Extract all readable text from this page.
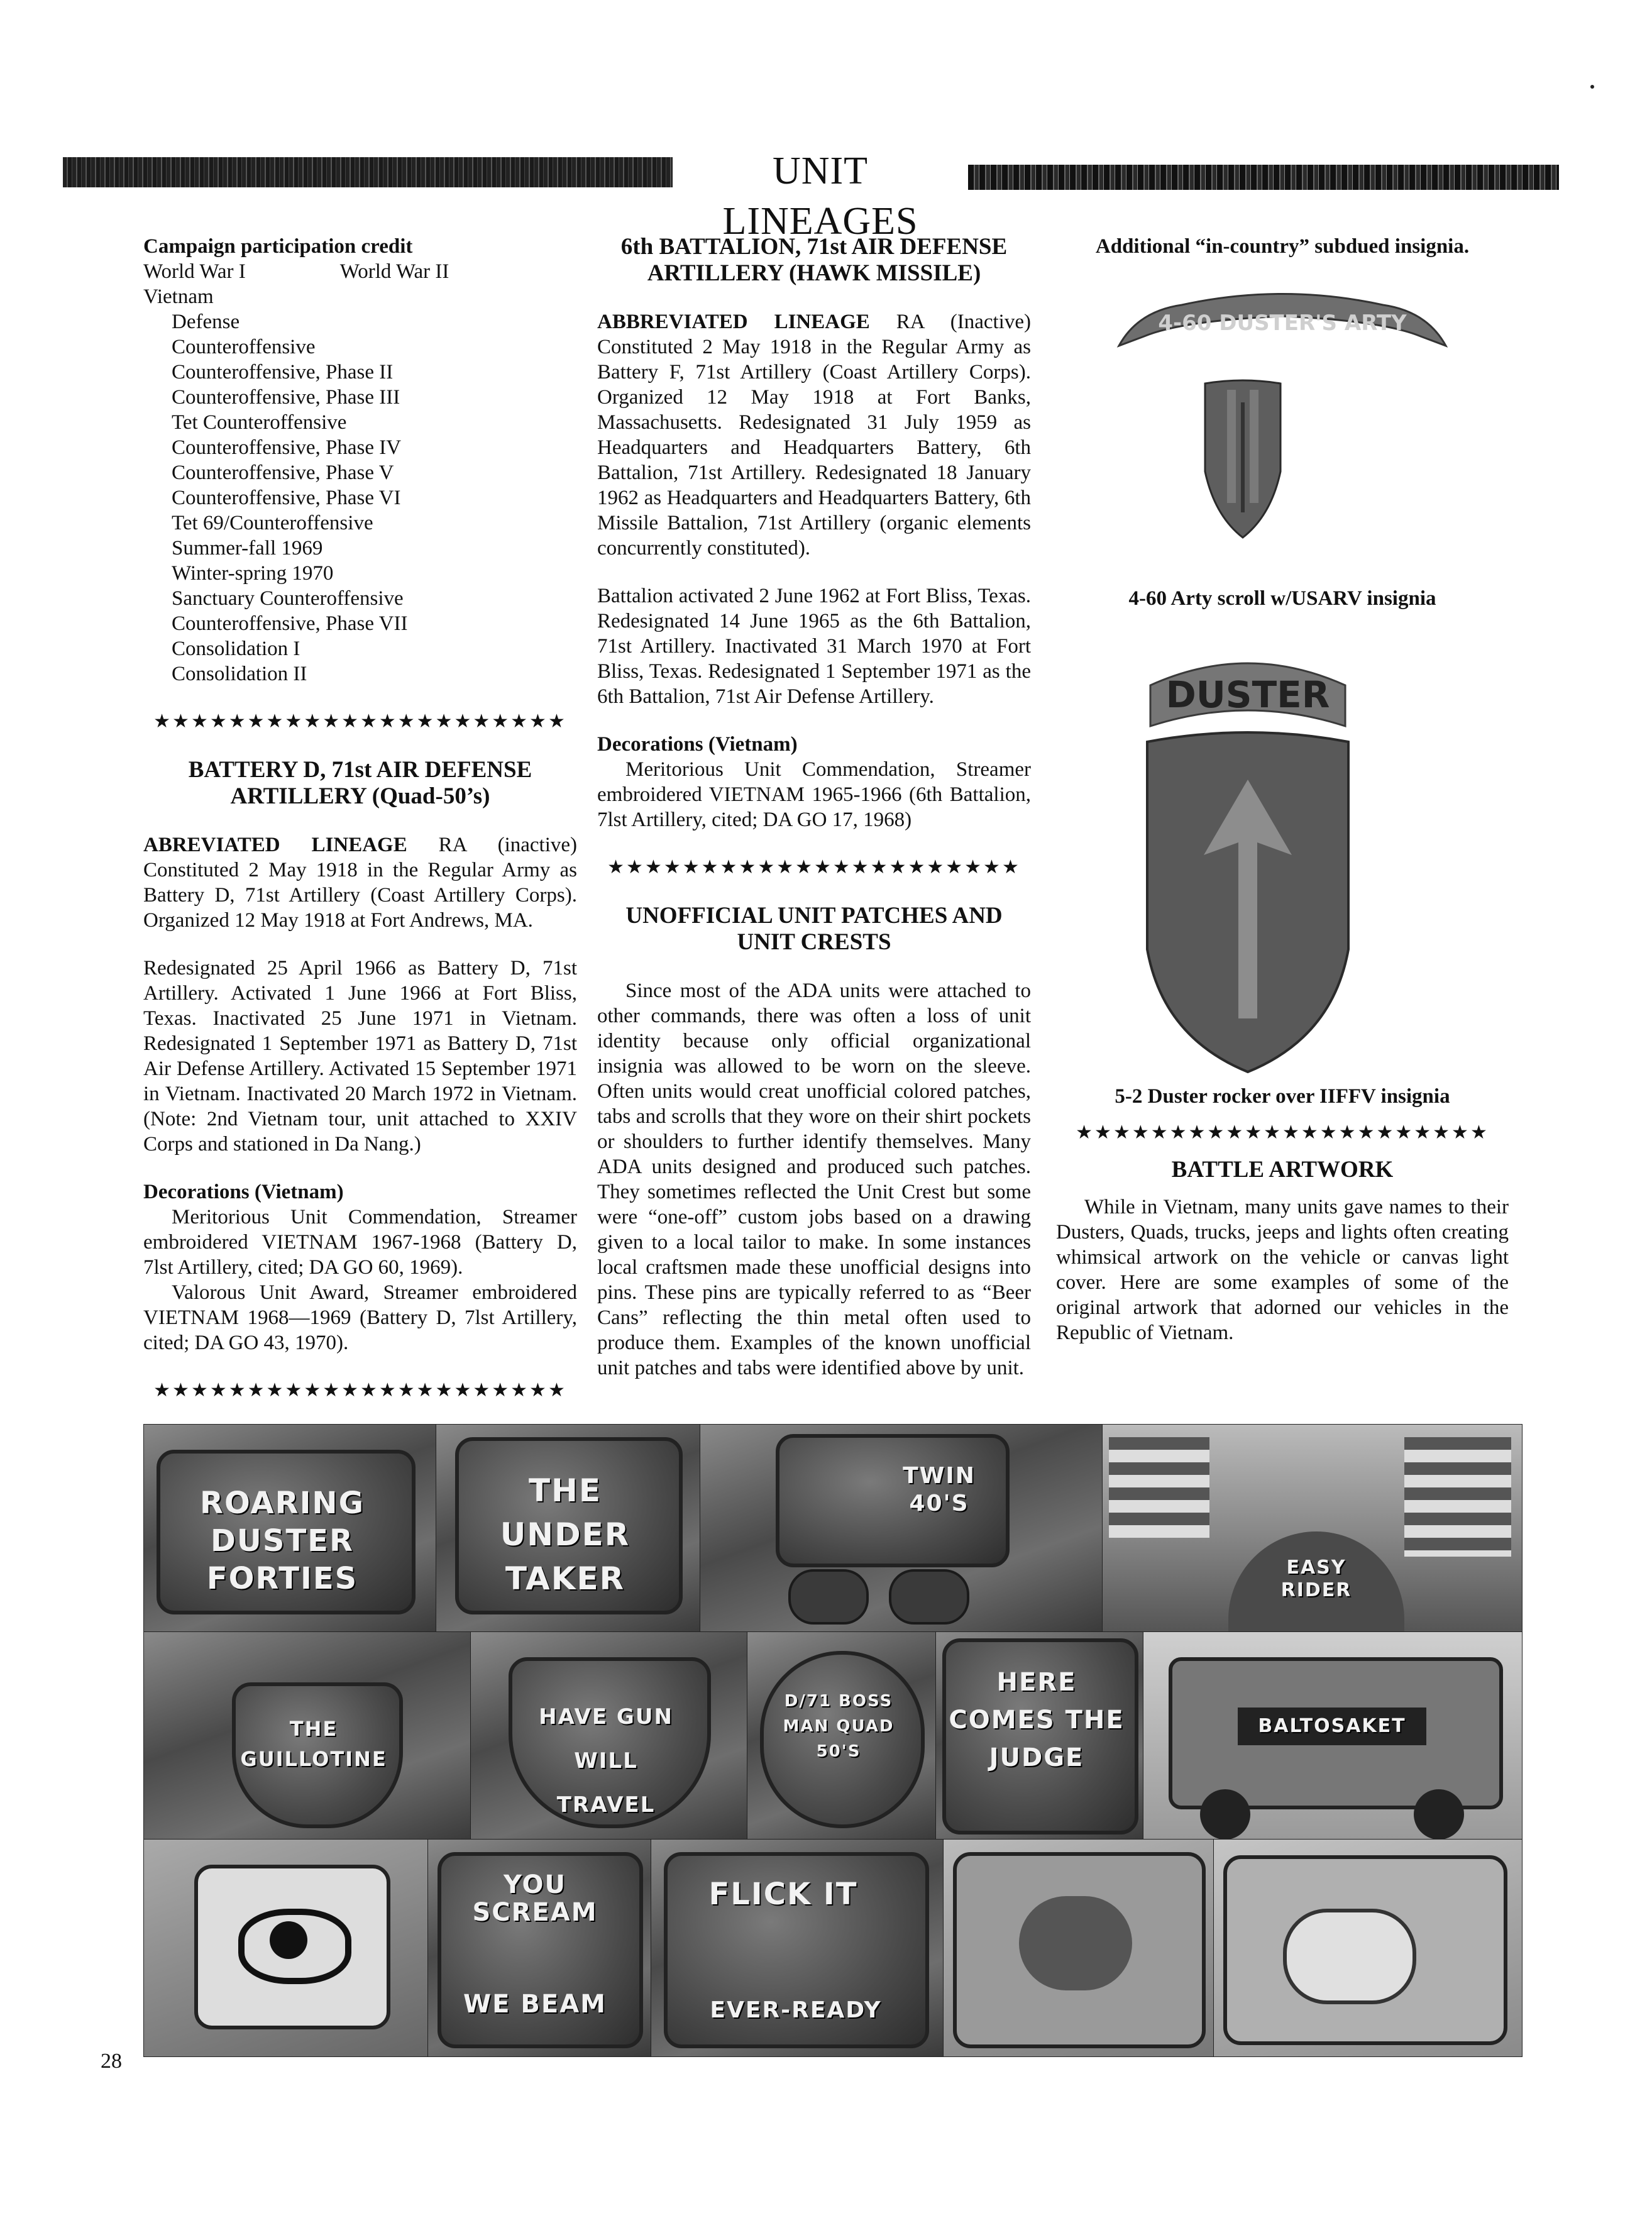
UNIT LINEAGES
Campaign participation credit
World War I	World War II
Vietnam
Defense
Counteroffensive
Counteroffensive, Phase II
Counteroffensive, Phase III
Tet Counteroffensive
Counteroffensive, Phase IV
Counteroffensive, Phase V
Counteroffensive, Phase VI
Tet 69/Counteroffensive
Summer-fall 1969
Winter-spring 1970
Sanctuary Counteroffensive
Counteroffensive, Phase VII
Consolidation I
Consolidation II
★★★★★★★★★★★★★★★★★★★★★★
BATTERY D, 71st AIR DEFENSE ARTILLERY (Quad-50’s)
ABREVIATED LINEAGE RA (inactive) Constituted 2 May 1918 in the Regular Army as Battery D, 71st Artillery (Coast Artillery Corps). Organized 12 May 1918 at Fort Andrews, MA.
Redesignated 25 April 1966 as Battery D, 71st Artillery. Activated 1 June 1966 at Fort Bliss, Texas. Inactivated 25 June 1971 in Vietnam. Redesignated 1 September 1971 as Battery D, 71st Air Defense Artillery. Activated 15 September 1971 in Vietnam. Inactivated 20 March 1972 in Vietnam. (Note: 2nd Vietnam tour, unit attached to XXIV Corps and stationed in Da Nang.)
Decorations (Vietnam)
Meritorious Unit Commendation, Streamer embroidered VIETNAM 1967-1968 (Battery D, 7lst Artillery, cited; DA GO 60, 1969).
Valorous Unit Award, Streamer embroidered VIETNAM 1968—1969 (Battery D, 7lst Artillery, cited; DA GO 43, 1970).
★★★★★★★★★★★★★★★★★★★★★★
6th BATTALION, 71st AIR DEFENSE ARTILLERY (HAWK MISSILE)
ABBREVIATED LINEAGE RA (Inactive) Constituted 2 May 1918 in the Regular Army as Battery F, 71st Artillery (Coast Artillery Corps). Organized 12 May 1918 at Fort Banks, Massachusetts. Redesignated 31 July 1959 as Headquarters and Headquarters Battery, 6th Battalion, 71st Artillery. Redesignated 18 January 1962 as Headquarters and Headquarters Battery, 6th Missile Battalion, 71st Artillery (organic elements concurrently constituted).
Battalion activated 2 June 1962 at Fort Bliss, Texas. Redesignated 14 June 1965 as the 6th Battalion, 71st Artillery. Inactivated 31 March 1970 at Fort Bliss, Texas. Redesignated 1 September 1971 as the 6th Battalion, 71st Air Defense Artillery.
Decorations (Vietnam)
Meritorious Unit Commendation, Streamer embroidered VIETNAM 1965-1966 (6th Battalion, 7lst Artillery, cited; DA GO 17, 1968)
★★★★★★★★★★★★★★★★★★★★★★
UNOFFICIAL UNIT PATCHES AND UNIT CRESTS
Since most of the ADA units were attached to other commands, there was often a loss of unit identity because only official organizational insignia was allowed to be worn on the sleeve. Often units would creat unofficial colored patches, tabs and scrolls that they wore on their shirt pockets or shoulders to further identify themselves. Many ADA units designed and produced such patches. They sometimes reflected the Unit Crest but some were “one-off” custom jobs based on a drawing given to a local tailor to make. In some instances local craftsmen made these unofficial designs into pins. These pins are typically referred to as “Beer Cans” reflecting the thin metal often used to produce them. Examples of the known unofficial unit patches and tabs were identified above by unit.
Additional “in-country” subdued insignia.
4-60 Arty scroll w/USARV insignia
5-2 Duster rocker over IIFFV insignia
★★★★★★★★★★★★★★★★★★★★★★
BATTLE ARTWORK
While in Vietnam, many units gave names to their Dusters, Quads, trucks, jeeps and lights often creating whimsical artwork on the vehicle or canvas light cover. Here are some examples of some of the original artwork that adorned our vehicles in the Republic of Vietnam.
4-60 DUSTER'S ARTY
DUSTER
ROARING DUSTER FORTIES
THE UNDER TAKER
TWIN 40'S
EASY RIDER
THE GUILLOTINE
HAVE GUN WILL TRAVEL
D/71 BOSS MAN QUAD 50'S
HERE COMES THE JUDGE
BALTOSAKET
YOU SCREAM
WE BEAM
FLICK IT
EVER-READY
28
